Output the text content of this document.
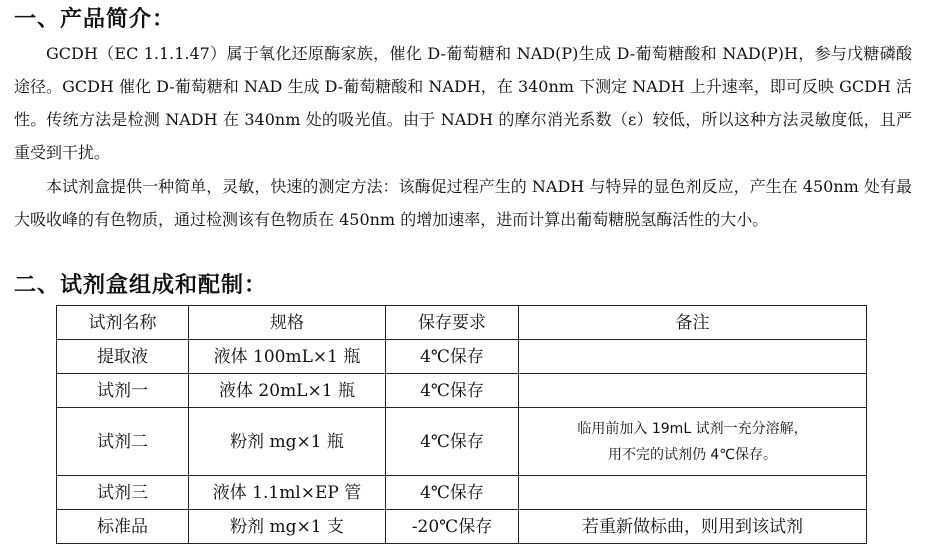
一、产品简介：

GCDH（EC 1.1.1.47）属于氧化还原酶家族，催化 D-葡萄糖和 NAD(P)生成 D-葡萄糖酸和 NAD(P)H，参与戊糖磷酸途径。GCDH 催化 D-葡萄糖和 NAD 生成 D-葡萄糖酸和 NADH，在 340nm 下测定 NADH 上升速率，即可反映 GCDH 活性。传统方法是检测 NADH 在 340nm 处的吸光值。由于 NADH 的摩尔消光系数（ε）较低，所以这种方法灵敏度低，且严重受到干扰。

本试剂盒提供一种简单，灵敏，快速的测定方法：该酶促过程产生的 NADH 与特异的显色剂反应，产生在 450nm 处有最大吸收峰的有色物质，通过检测该有色物质在 450nm 的增加速率，进而计算出葡萄糖脱氢酶活性的大小。

二、试剂盒组成和配制：
试剂名称	规格	保存要求	备注
提取液	液体 100mL×1 瓶	4℃保存	
试剂一	液体 20mL×1 瓶	4℃保存	
试剂二	粉剂 mg×1 瓶	4℃保存	临用前加入 19mL 试剂一充分溶解，
用不完的试剂仍 4℃保存。

试剂三	液体 1.1ml×EP 管	4℃保存	
标准品	粉剂 mg×1 支	-20℃保存	若重新做标曲，则用到该试剂
